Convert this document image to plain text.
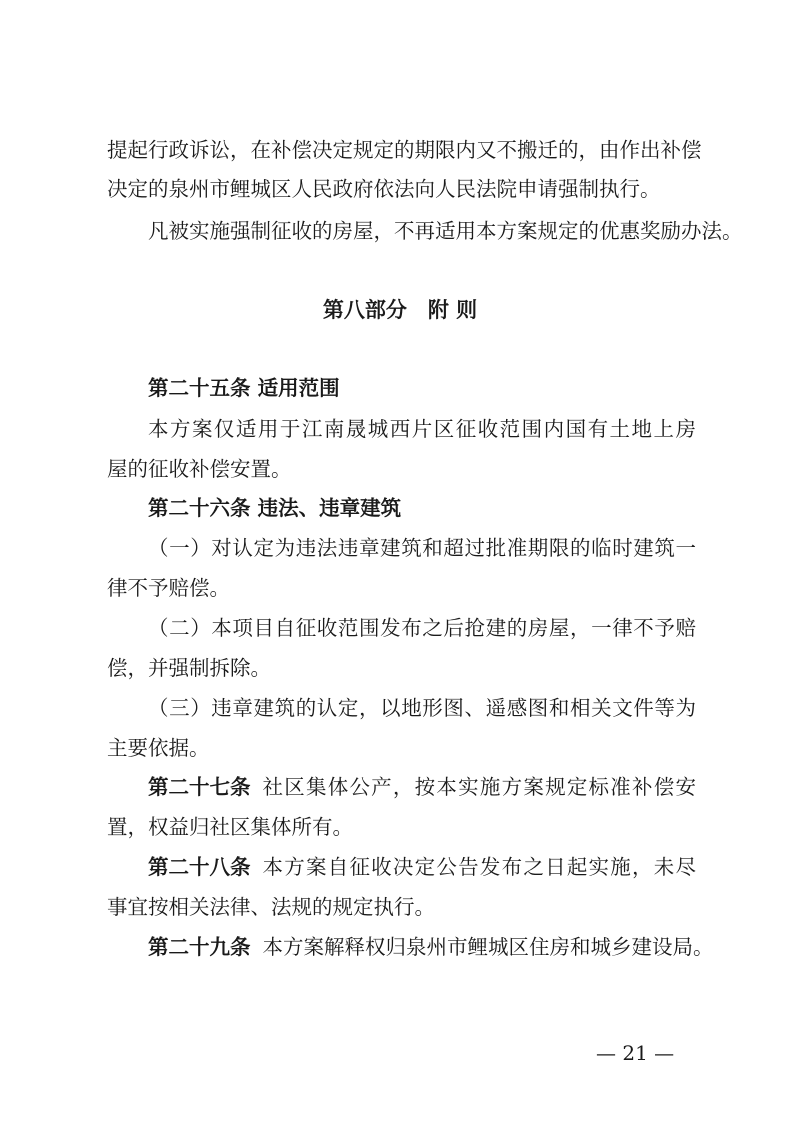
提起行政诉讼，在补偿决定规定的期限内又不搬迁的，由作出补偿
决定的泉州市鲤城区人民政府依法向人民法院申请强制执行。
凡被实施强制征收的房屋，不再适用本方案规定的优惠奖励办法。
第八部分　附 则
第二十五条 适用范围
本方案仅适用于江南晟城西片区征收范围内国有土地上房
屋的征收补偿安置。
第二十六条 违法、违章建筑
（一）对认定为违法违章建筑和超过批准期限的临时建筑一
律不予赔偿。
（二）本项目自征收范围发布之后抢建的房屋，一律不予赔
偿，并强制拆除。
（三）违章建筑的认定，以地形图、遥感图和相关文件等为
主要依据。
第二十七条 社区集体公产，按本实施方案规定标准补偿安
置，权益归社区集体所有。
第二十八条 本方案自征收决定公告发布之日起实施，未尽
事宜按相关法律、法规的规定执行。
第二十九条 本方案解释权归泉州市鲤城区住房和城乡建设局。
— 21 —
